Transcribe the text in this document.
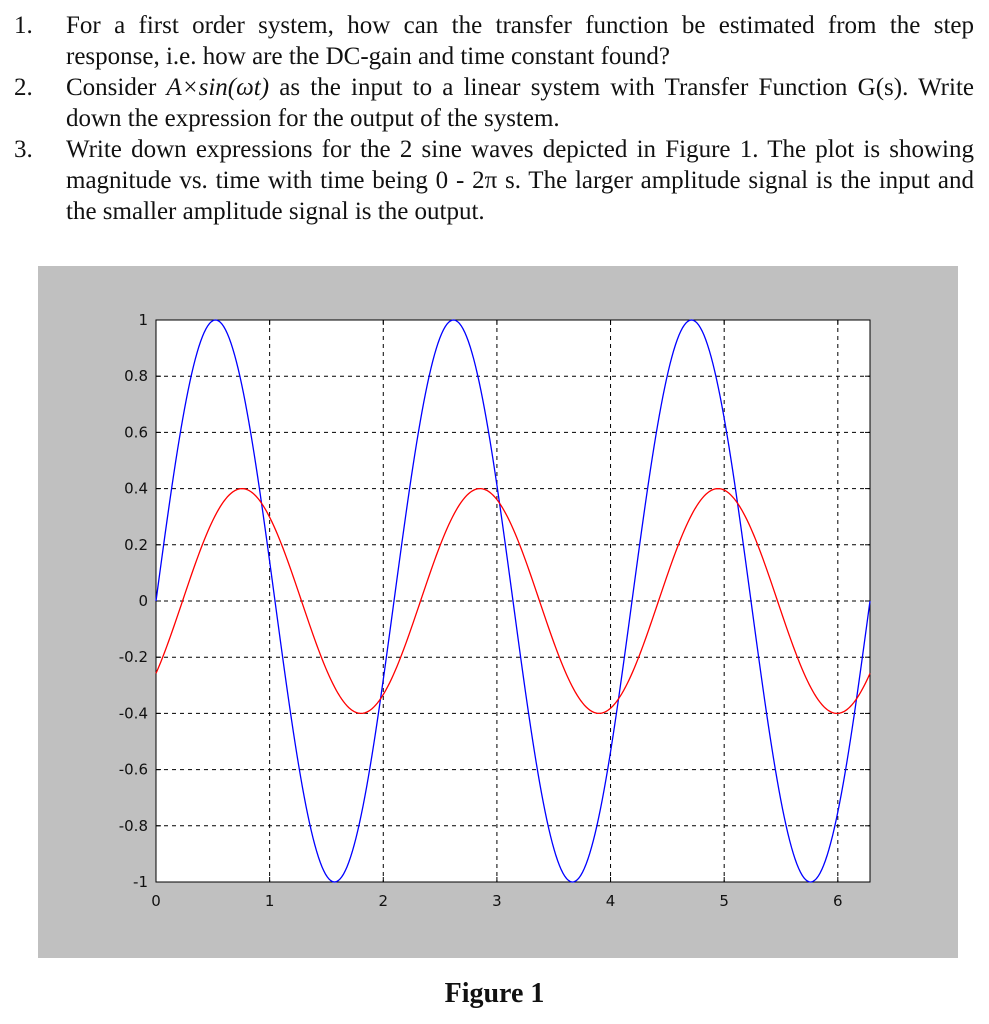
1.	For a first order system, how can the transfer function be estimated from the step response, i.e. how are the DC-gain and time constant found?
2.	Consider A×sin(ωt) as the input to a linear system with Transfer Function G(s). Write down the expression for the output of the system.
3.	Write down expressions for the 2 sine waves depicted in Figure 1. The plot is showing magnitude vs. time with time being 0 - 2π s. The larger amplitude signal is the input and the smaller amplitude signal is the output.
0	1	2	3	4	5	6
-1
-0.8
-0.6
-0.4
-0.2
0
0.2
0.4
0.6
0.8
1
Figure 1
